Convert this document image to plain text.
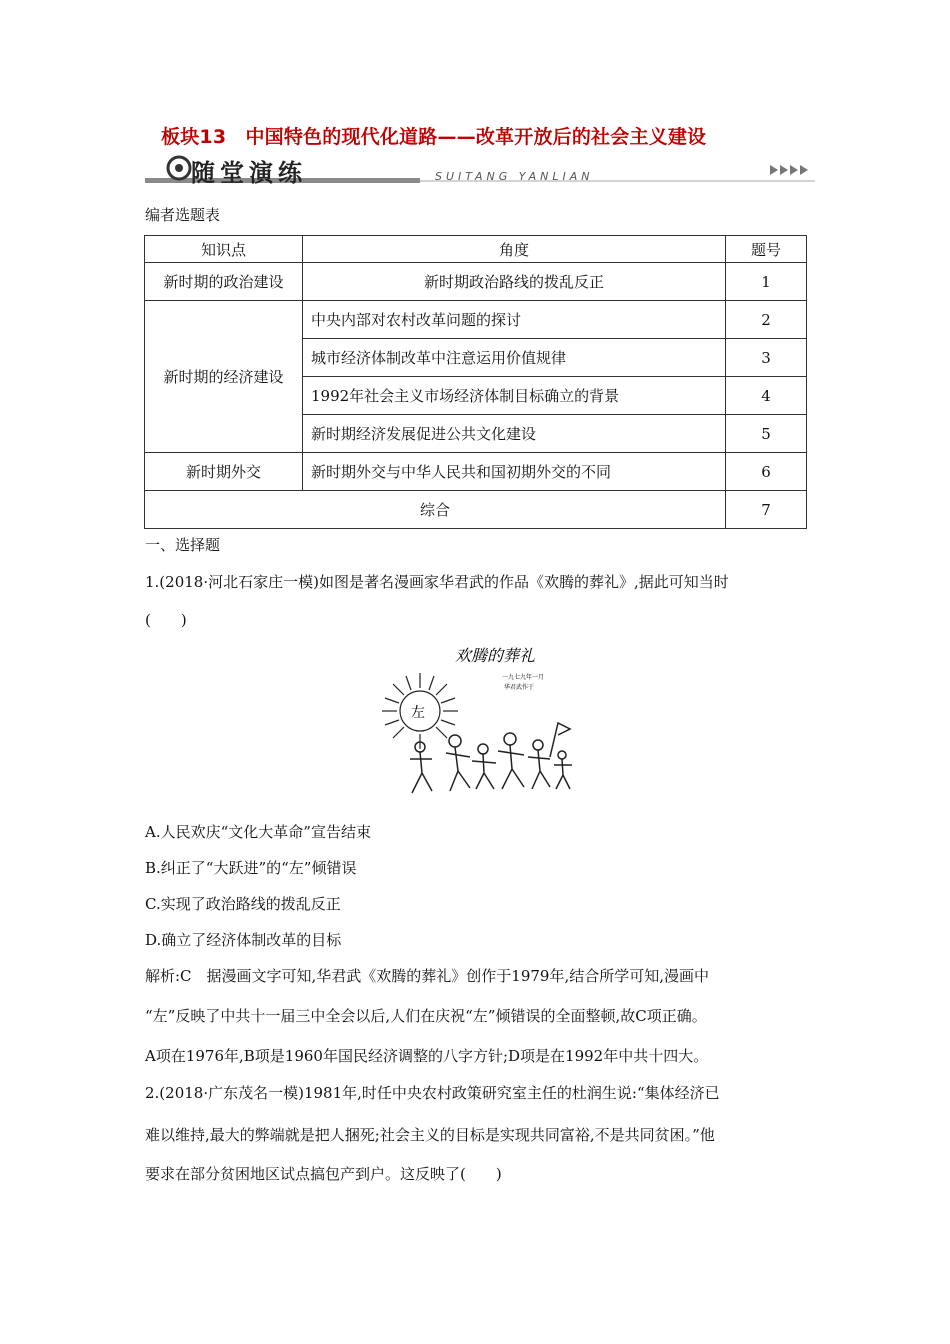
板块13　中国特色的现代化道路——改革开放后的社会主义建设
随堂演练	SUITANG YANLIAN
编者选题表
知识点	角度	题号
新时期的政治建设	新时期政治路线的拨乱反正	1
新时期的经济建设	中央内部对农村改革问题的探讨	2
	城市经济体制改革中注意运用价值规律	3
	1992年社会主义市场经济体制目标确立的背景	4
	新时期经济发展促进公共文化建设	5
新时期外交	新时期外交与中华人民共和国初期外交的不同	6
综合		7
一、选择题
1.(2018·河北石家庄一模)如图是著名漫画家华君武的作品《欢腾的葬礼》,据此可知当时
(　　)
欢腾的葬礼
一九七九年一月
华君武作于
左
A.人民欢庆“文化大革命”宣告结束
B.纠正了“大跃进”的“左”倾错误
C.实现了政治路线的拨乱反正
D.确立了经济体制改革的目标
解析:C　据漫画文字可知,华君武《欢腾的葬礼》创作于1979年,结合所学可知,漫画中
“左”反映了中共十一届三中全会以后,人们在庆祝“左”倾错误的全面整顿,故C项正确。
A项在1976年,B项是1960年国民经济调整的八字方针;D项是在1992年中共十四大。
2.(2018·广东茂名一模)1981年,时任中央农村政策研究室主任的杜润生说:“集体经济已
难以维持,最大的弊端就是把人捆死;社会主义的目标是实现共同富裕,不是共同贫困。”他
要求在部分贫困地区试点搞包产到户。这反映了(　　)
